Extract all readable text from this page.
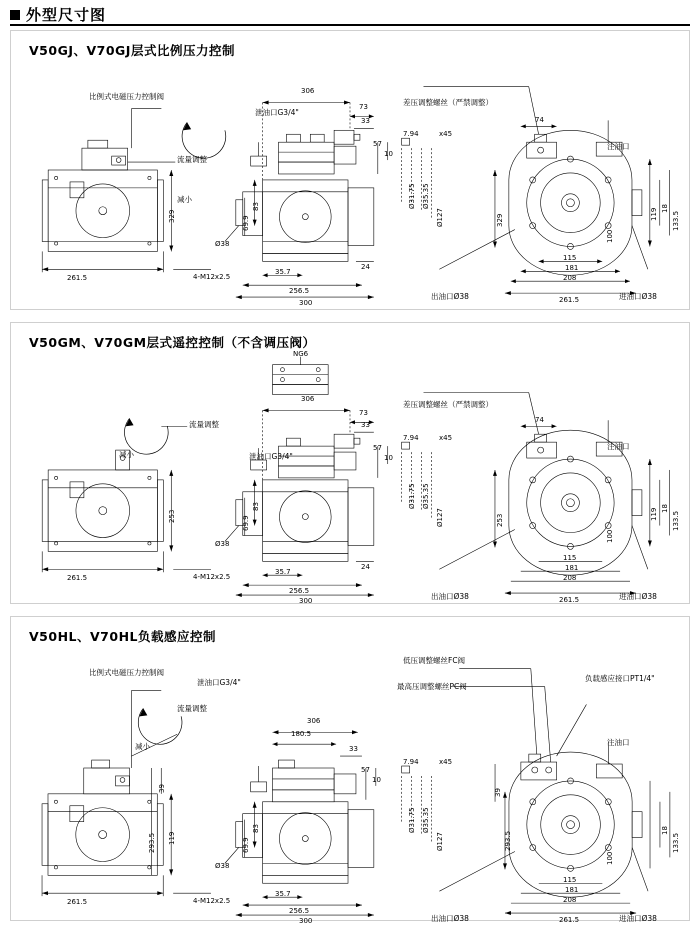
外型尺寸图
V50GJ、V70GJ层式比例压力控制
比例式电磁压力控制阀
泄油口G3/4"
差压调整螺丝（严禁调整）
流量调整
减小
注油口
出油口Ø38	进油口Ø38
4-M12x2.5
306
73
33
57
10
74
329
83
69.9
261.5
300
256.5
35.7
24
Ø38
Ø31.75 Ø35.35
Ø127
7.94	x45
329	119 18
133.5
115
181
208
261.5
100
V50GM、V70GM层式遥控控制（不含调压阀）
NG6
流量调整
减小	泄油口G3/4"
差压调整螺丝（严禁调整）
注油口
出油口Ø38	进油口Ø38
4-M12x2.5
306
73
33
57
10
74
253
83
69.9
261.5
300
256.5
35.7
24
Ø38
Ø31.75 Ø35.35
Ø127
7.94	x45
253	119 18
133.5
115
181
208
261.5
100
V50HL、V70HL负载感应控制
比例式电磁压力控制阀
泄油口G3/4"
低压调整螺丝FC阀
最高压调整螺丝PC阀
负载感应接口PT1/4"
流量调整
减小	注油口
出油口Ø38	进油口Ø38
4-M12x2.5
306
180.5
33
57
10
293.5 119
39
83
69.9
261.5
300
256.5
35.7
Ø38
Ø31.75 Ø35.35
Ø127
7.94	x45
293.5
39
18
133.5
115
181
208
261.5
100
